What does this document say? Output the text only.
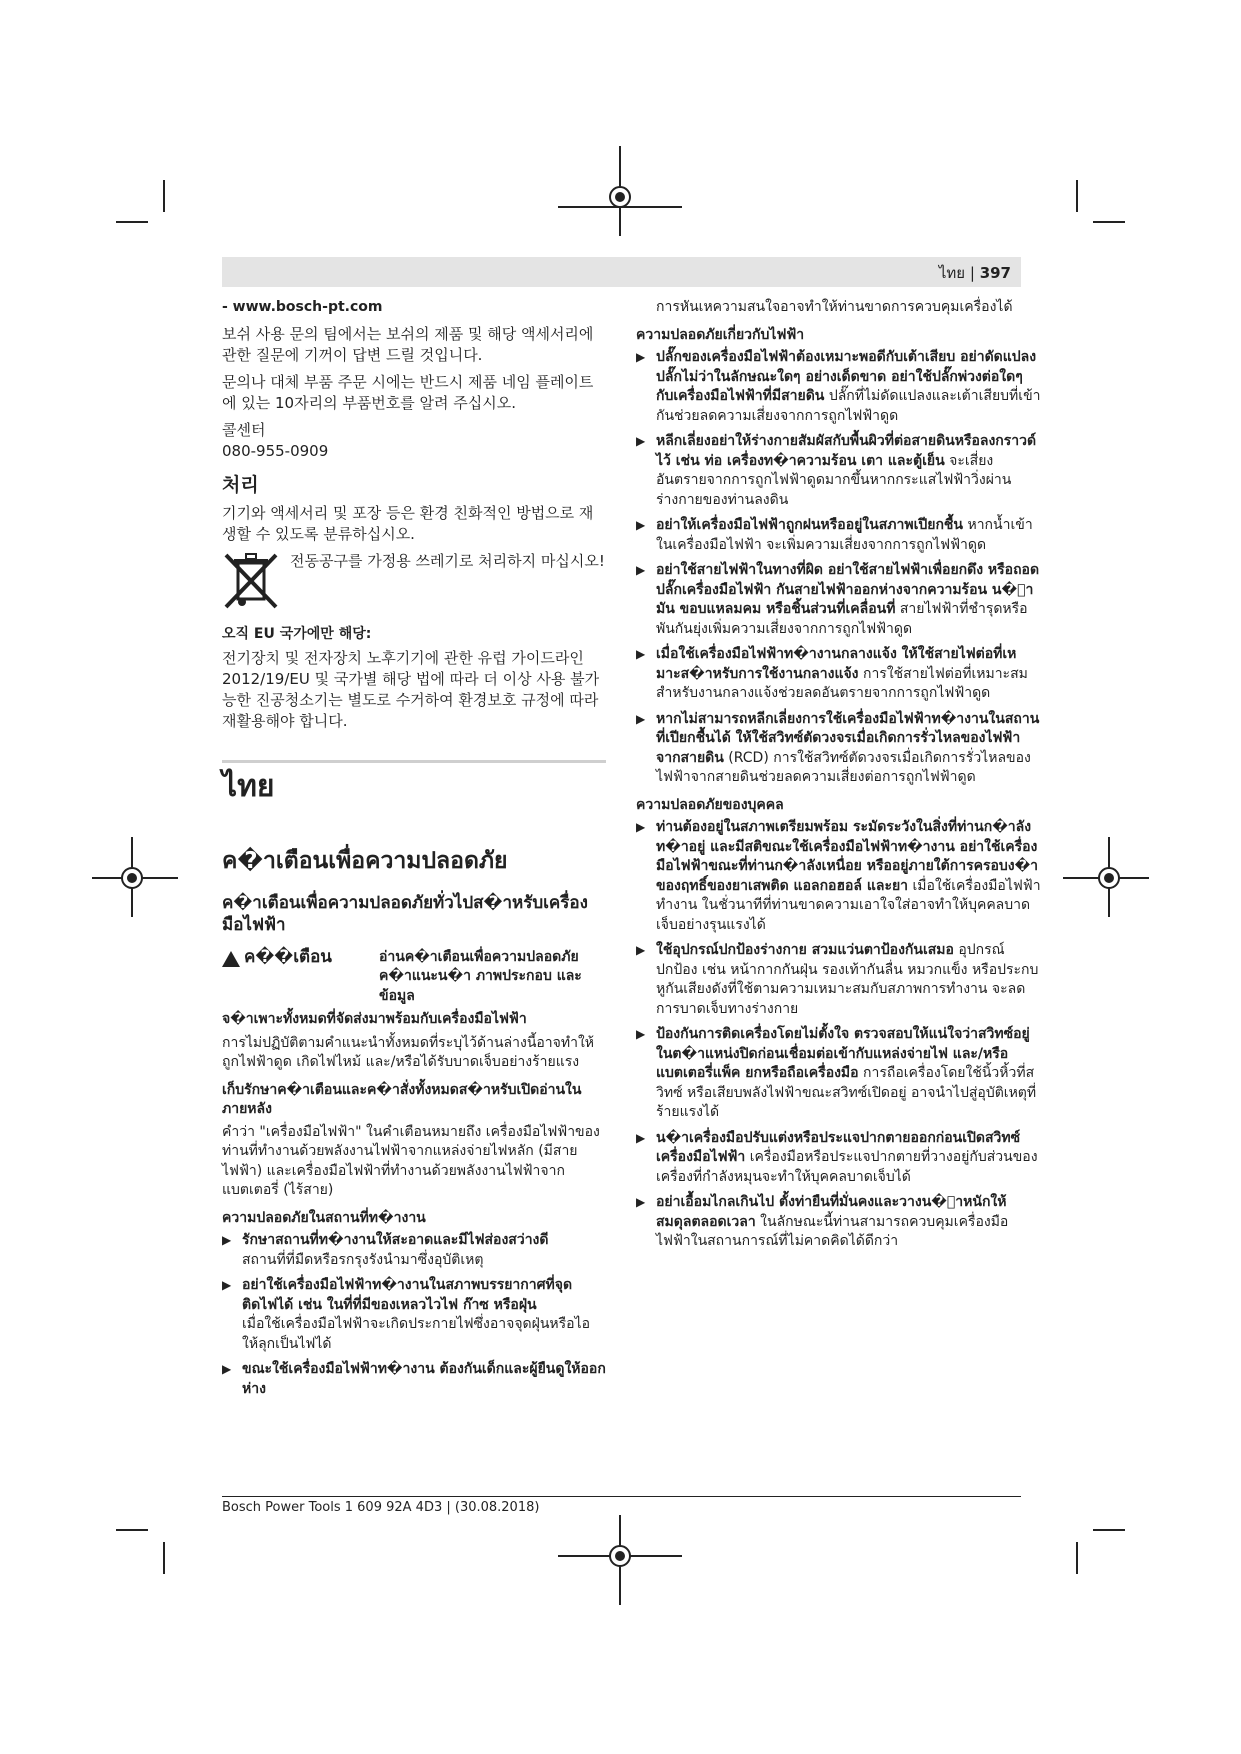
ไทย | 397

- www.bosch-pt.com

보쉬 사용 문의 팀에서는 보쉬의 제품 및 해당 액세서리에 관한 질문에 기꺼이 답변 드릴 것입니다.

문의나 대체 부품 주문 시에는 반드시 제품 네임 플레이트에 있는 10자리의 부품번호를 알려 주십시오.

콜센터
080-955-0909
처리

기기와 액세서리 및 포장 등은 환경 친화적인 방법으로 재생할 수 있도록 분류하십시오.

전동공구를 가정용 쓰레기로 처리하지 마십시오!
오직 EU 국가에만 해당:

전기장치 및 전자장치 노후기기에 관한 유럽 가이드라인 2012/19/EU 및 국가별 해당 법에 따라 더 이상 사용 불가능한 진공청소기는 별도로 수거하여 환경보호 규정에 따라 재활용해야 합니다.

ไทย
ค�าเตือนเพื่อความปลอดภัย
ค�าเตือนเพื่อความปลอดภัยทั่วไปส�าหรับเครื่องมือไฟฟ้า
ค��เตือน	อ่านค�าเตือนเพื่อความปลอดภัย ค�าแนะน�า ภาพประกอบ และข้อมูล
จ�าเพาะทั้งหมดที่จัดส่งมาพร้อมกับเครื่องมือไฟฟ้า

การไม่ปฏิบัติตามคำแนะนำทั้งหมดที่ระบุไว้ด้านล่างนี้อาจทำให้ถูกไฟฟ้าดูด เกิดไฟไหม้ และ/หรือได้รับบาดเจ็บอย่างร้ายแรง

เก็บรักษาค�าเตือนและค�าสั่งทั้งหมดส�าหรับเปิดอ่านในภายหลัง

คำว่า "เครื่องมือไฟฟ้า" ในคำเตือนหมายถึง เครื่องมือไฟฟ้าของท่านที่ทำงานด้วยพลังงานไฟฟ้าจากแหล่งจ่ายไฟหลัก (มีสายไฟฟ้า) และเครื่องมือไฟฟ้าที่ทำงานด้วยพลังงานไฟฟ้าจากแบตเตอรี่ (ไร้สาย)

ความปลอดภัยในสถานที่ท�างาน
▶ รักษาสถานที่ท�างานให้สะอาดและมีไฟส่องสว่างดี
สถานที่ที่มืดหรือรกรุงรังนำมาซึ่งอุบัติเหตุ
▶ อย่าใช้เครื่องมือไฟฟ้าท�างานในสภาพบรรยากาศที่จุดติดไฟได้ เช่น ในที่ที่มีของเหลวไวไฟ ก๊าซ หรือฝุ่น
เมื่อใช้เครื่องมือไฟฟ้าจะเกิดประกายไฟซึ่งอาจจุดฝุ่นหรือไอให้ลุกเป็นไฟได้
▶ ขณะใช้เครื่องมือไฟฟ้าท�างาน ต้องกันเด็กและผู้ยืนดูให้ออกห่าง

การหันเหความสนใจอาจทำให้ท่านขาดการควบคุมเครื่องได้

ความปลอดภัยเกี่ยวกับไฟฟ้า
▶ ปลั๊กของเครื่องมือไฟฟ้าต้องเหมาะพอดีกับเต้าเสียบ อย่าดัดแปลงปลั๊กไม่ว่าในลักษณะใดๆ อย่างเด็ดขาด อย่าใช้ปลั๊กพ่วงต่อใดๆ กับเครื่องมือไฟฟ้าที่มีสายดิน ปลั๊กที่ไม่ดัดแปลงและเต้าเสียบที่เข้ากันช่วยลดความเสี่ยงจากการถูกไฟฟ้าดูด
▶ หลีกเลี่ยงอย่าให้ร่างกายสัมผัสกับพื้นผิวที่ต่อสายดินหรือลงกราวด์ไว้ เช่น ท่อ เครื่องท�าความร้อน เตา และตู้เย็น จะเสี่ยงอันตรายจากการถูกไฟฟ้าดูดมากขึ้นหากกระแสไฟฟ้าวิ่งผ่านร่างกายของท่านลงดิน
▶ อย่าให้เครื่องมือไฟฟ้าถูกฝนหรืออยู่ในสภาพเปียกชื้น หากน้ำเข้าในเครื่องมือไฟฟ้า จะเพิ่มความเสี่ยงจากการถูกไฟฟ้าดูด
▶ อย่าใช้สายไฟฟ้าในทางที่ผิด อย่าใช้สายไฟฟ้าเพื่อยกดึง หรือถอดปลั๊กเครื่องมือไฟฟ้า กันสายไฟฟ้าออกห่างจากความร้อน น�้ามัน ขอบแหลมคม หรือชิ้นส่วนที่เคลื่อนที่ สายไฟฟ้าที่ชำรุดหรือพันกันยุ่งเพิ่มความเสี่ยงจากการถูกไฟฟ้าดูด
▶ เมื่อใช้เครื่องมือไฟฟ้าท�างานกลางแจ้ง ให้ใช้สายไฟต่อที่เหมาะส�าหรับการใช้งานกลางแจ้ง การใช้สายไฟต่อที่เหมาะสมสำหรับงานกลางแจ้งช่วยลดอันตรายจากการถูกไฟฟ้าดูด
▶ หากไม่สามารถหลีกเลี่ยงการใช้เครื่องมือไฟฟ้าท�างานในสถานที่เปียกชื้นได้ ให้ใช้สวิทซ์ตัดวงจรเมื่อเกิดการรั่วไหลของไฟฟ้าจากสายดิน (RCD) การใช้สวิทซ์ตัดวงจรเมื่อเกิดการรั่วไหลของไฟฟ้าจากสายดินช่วยลดความเสี่ยงต่อการถูกไฟฟ้าดูด
ความปลอดภัยของบุคคล
▶ ท่านต้องอยู่ในสภาพเตรียมพร้อม ระมัดระวังในสิ่งที่ท่านก�าลังท�าอยู่ และมีสติขณะใช้เครื่องมือไฟฟ้าท�างาน อย่าใช้เครื่องมือไฟฟ้าขณะที่ท่านก�าลังเหนื่อย หรืออยู่ภายใต้การครอบง�าของฤทธิ์ของยาเสพติด แอลกอฮอล์ และยา เมื่อใช้เครื่องมือไฟฟ้าทำงาน ในชั่วนาทีที่ท่านขาดความเอาใจใส่อาจทำให้บุคคลบาดเจ็บอย่างรุนแรงได้
▶ ใช้อุปกรณ์ปกป้องร่างกาย สวมแว่นตาป้องกันเสมอ อุปกรณ์ปกป้อง เช่น หน้ากากกันฝุ่น รองเท้ากันลื่น หมวกแข็ง หรือประกบหูกันเสียงดังที่ใช้ตามความเหมาะสมกับสภาพการทำงาน จะลดการบาดเจ็บทางร่างกาย
▶ ป้องกันการติดเครื่องโดยไม่ตั้งใจ ตรวจสอบให้แน่ใจว่าสวิทซ์อยู่ในต�าแหน่งปิดก่อนเชื่อมต่อเข้ากับแหล่งจ่ายไฟ และ/หรือแบตเตอรี่แพ็ค ยกหรือถือเครื่องมือ การถือเครื่องโดยใช้นิ้วหิ้วที่สวิทซ์ หรือเสียบพลังไฟฟ้าขณะสวิทซ์เปิดอยู่ อาจนำไปสู่อุบัติเหตุที่ร้ายแรงได้
▶ น�าเครื่องมือปรับแต่งหรือประแจปากตายออกก่อนเปิดสวิทซ์เครื่องมือไฟฟ้า เครื่องมือหรือประแจปากตายที่วางอยู่กับส่วนของเครื่องที่กำลังหมุนจะทำให้บุคคลบาดเจ็บได้
▶ อย่าเอื้อมไกลเกินไป ตั้งท่ายืนที่มั่นคงและวางน�้าหนักให้สมดุลตลอดเวลา ในลักษณะนี้ท่านสามารถควบคุมเครื่องมือไฟฟ้าในสถานการณ์ที่ไม่คาดคิดได้ดีกว่า
Bosch Power Tools 1 609 92A 4D3 | (30.08.2018)
